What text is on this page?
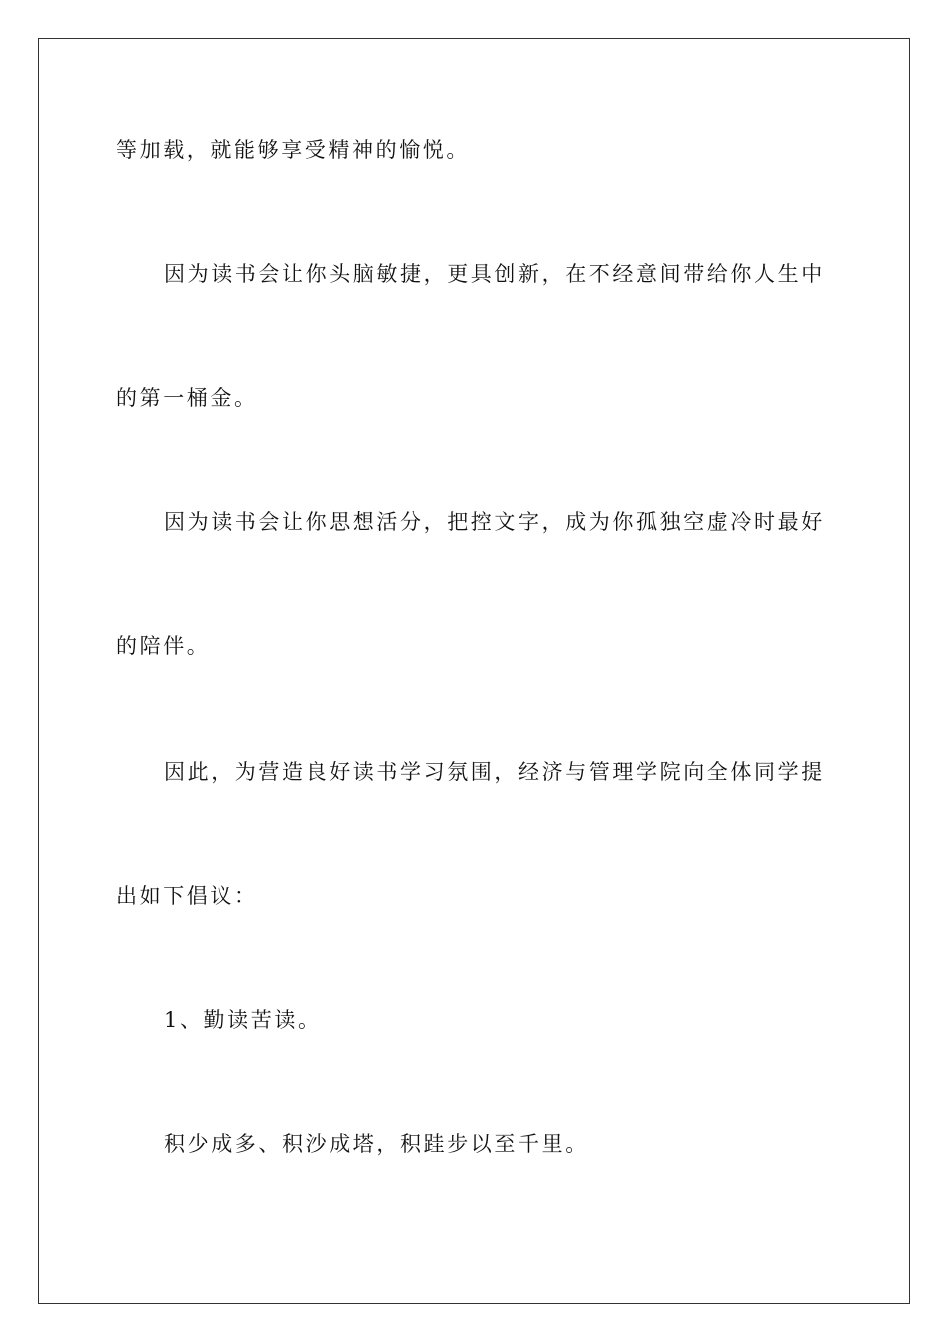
等加载，就能够享受精神的愉悦。
因为读书会让你头脑敏捷，更具创新，在不经意间带给你人生中
的第一桶金。
因为读书会让你思想活分，把控文字，成为你孤独空虚冷时最好
的陪伴。
因此，为营造良好读书学习氛围，经济与管理学院向全体同学提
出如下倡议：
1、勤读苦读。
积少成多、积沙成塔，积跬步以至千里。
